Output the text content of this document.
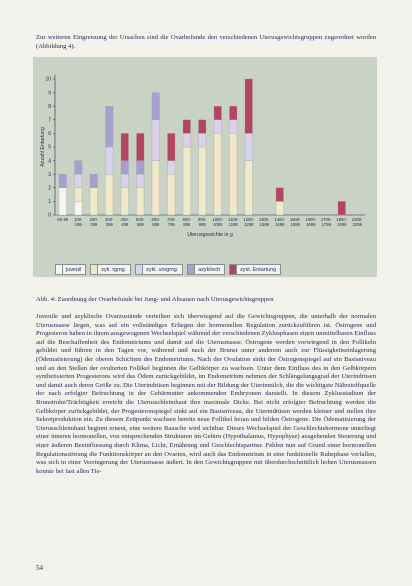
Zur weiteren Eingrenzung der Ursachen sind die Ovarbefunde den verschiedenen Uterusgewichtsgruppen zugeordnet worden (Abbildung 4).
0
1
2
3
4
5
6
7
8
9
10
50-99 100-
199
200-
299
300-
399
400-
499
500-
599
600-
699
700-
799
800-
899
900-
999
1000-
1099
1100-
1199
1200-
1299
1300-
1399
1400-
1499
1500-
1599
1600-
1699
1700-
1799
1800-
1899
2200-
2299
Anzahl Entartung
Uterusgewichte in g
juvenil	zyk. rgmg.	zykl. unrgmg.	azyklisch	zyst. Entartung
Abb. 4: Zuordnung der Ovarbefunde bei Jung- und Altsauen nach Uterusgewichtsgruppen
Juvenile und azyklische Ovarzustände verteilten sich überwiegend auf die Gewichtsgruppen, die unterhalb der normalen Uterusmasse liegen, was auf ein vollständiges Erliegen der hormonellen Regulation zurückzuführen ist. Östrogene und Progesteron haben in ihrem ausgewogenen Wechselspiel während der verschiedenen Zyklusphasen einen unmittelbaren Einfluss auf die Beschaffenheit des Endometriums und damit auf die Uterusmasse. Östrogene werden vorwiegend in den Follikeln gebildet und führen in den Tagen vor, während und nach der Brunst unter anderem auch zur Flüssigkeitseinlagerung (Ödematisierung) der oberen Schichten des Endometriums. Nach der Ovulation sinkt der Östrogenspiegel auf ein Basisniveau und an den Stellen der ovulierten Follikel beginnen die Gelbkörper zu wachsen. Unter dem Einfluss des in den Gelbkörpern synthetisierten Progesterons wird das Ödem zurückgebildet, im Endometrium nehmen der Schlängelungsgrad der Uterindrüsen und damit auch deren Größe zu. Die Uterindrüsen beginnen mit der Bildung der Uterinmilch, die die wichtigste Nährstoffquelle der nach erfolgter Befruchtung in der Gebärmutter ankommenden Embryonen darstellt. In diesem Zyklusstadium der Brunstruhe/Trächtigkeit erreicht die Uterusschleimhaut ihre maximale Dicke. Bei nicht erfolgter Befruchtung werden die Gelbkörper zurückgebildet, der Progesteronspiegel sinkt auf ein Basisniveau, die Uterindrüsen werden kleiner und stellen ihre Sekretproduktion ein. Zu diesem Zeitpunkt wachsen bereits neue Follikel heran und bilden Östrogene. Die Ödematisierung der Uterusschleimhaut beginnt erneut, eine weitere Rausche wird sichtbar. Dieses Wechselspiel der Geschlechtshormone unterliegt einer inneren hormonellen, von entsprechenden Strukturen im Gehirn (Hypothalamus, Hypophyse) ausgehenden Steuerung und einer äußeren Beeinflussung durch Klima, Licht, Ernährung und Geschlechtspartner. Fehlen nun auf Grund einer hormonellen Regulationsstörung die Funktionskörper an den Ovarien, wird auch das Endometrium in eine funktionelle Ruhephase verfallen, was sich in einer Verringerung der Uterusmasse äußert. In den Gewichtsgruppen mit überdurchschnittlich hohen Uterusmassen konnte bei fast allen Tie-
54
